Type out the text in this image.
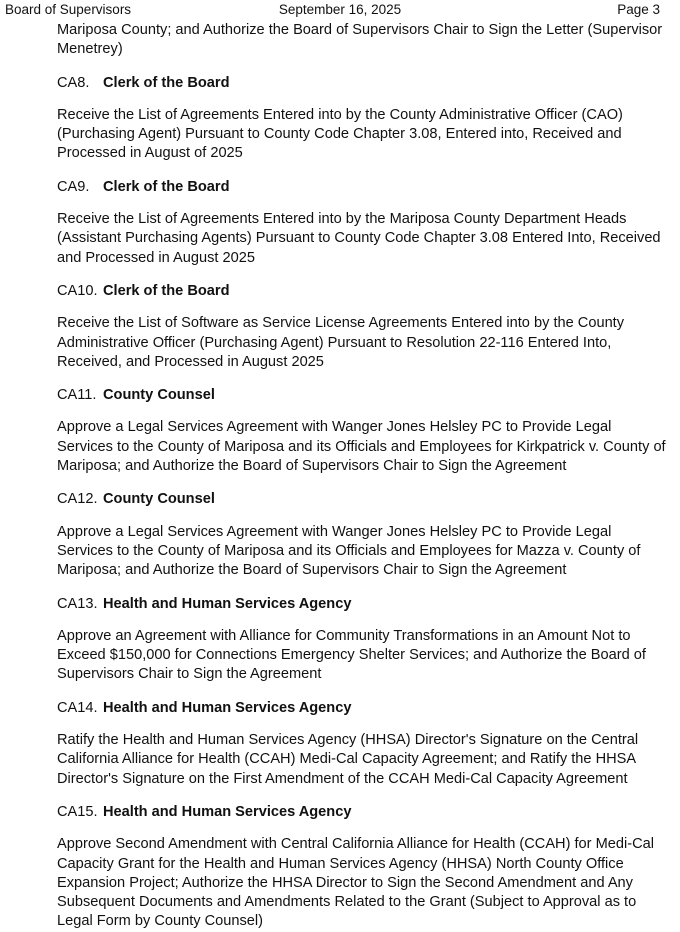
Board of Supervisors	September 16, 2025	Page 3

Mariposa County; and Authorize the Board of Supervisors Chair to Sign the Letter (Supervisor Menetrey)

CA8. Clerk of the Board

Receive the List of Agreements Entered into by the County Administrative Officer (CAO) (Purchasing Agent) Pursuant to County Code Chapter 3.08, Entered into, Received and Processed in August of 2025

CA9. Clerk of the Board

Receive the List of Agreements Entered into by the Mariposa County Department Heads (Assistant Purchasing Agents) Pursuant to County Code Chapter 3.08 Entered Into, Received and Processed in August 2025

CA10. Clerk of the Board

Receive the List of Software as Service License Agreements Entered into by the County Administrative Officer (Purchasing Agent) Pursuant to Resolution 22-116 Entered Into, Received, and Processed in August 2025

CA11. County Counsel

Approve a Legal Services Agreement with Wanger Jones Helsley PC to Provide Legal Services to the County of Mariposa and its Officials and Employees for Kirkpatrick v. County of Mariposa; and Authorize the Board of Supervisors Chair to Sign the Agreement

CA12. County Counsel

Approve a Legal Services Agreement with Wanger Jones Helsley PC to Provide Legal Services to the County of Mariposa and its Officials and Employees for Mazza v. County of Mariposa; and Authorize the Board of Supervisors Chair to Sign the Agreement

CA13. Health and Human Services Agency

Approve an Agreement with Alliance for Community Transformations in an Amount Not to Exceed $150,000 for Connections Emergency Shelter Services; and Authorize the Board of Supervisors Chair to Sign the Agreement

CA14. Health and Human Services Agency

Ratify the Health and Human Services Agency (HHSA) Director's Signature on the Central California Alliance for Health (CCAH) Medi-Cal Capacity Agreement; and Ratify the HHSA Director's Signature on the First Amendment of the CCAH Medi-Cal Capacity Agreement

CA15. Health and Human Services Agency

Approve Second Amendment with Central California Alliance for Health (CCAH) for Medi-Cal Capacity Grant for the Health and Human Services Agency (HHSA) North County Office Expansion Project; Authorize the HHSA Director to Sign the Second Amendment and Any Subsequent Documents and Amendments Related to the Grant (Subject to Approval as to Legal Form by County Counsel)
